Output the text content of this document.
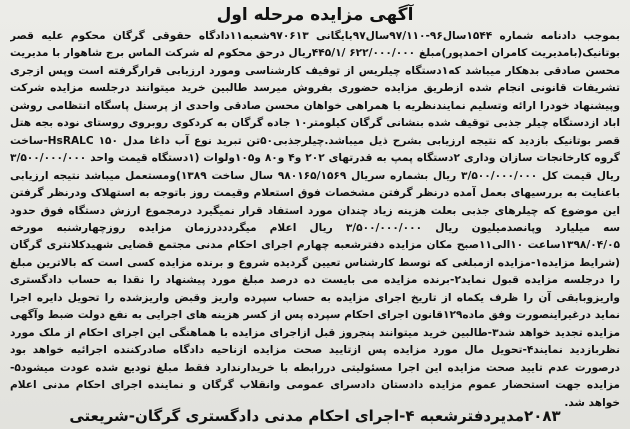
آگهی مزایده مرحله اول

بموجب دادنامه شماره ۱۵۴۴سال۹۶-۹۷/۱۱۰سال۹۷بایگانی ۹۷۰۶۱۳شعبه۱۱دادگاه حقوقی گرگان محکوم علیه قصر بوتانیک(بامدیریت کامران احمدپور)مبلغ ۶۲۲/۰۰۰/۰۰۰ /۴۴۵/۱ریال درحق محکوم له شرکت الماس برج شاهوار با مدیریت محسن صادقی بدهکار میباشد که۱دستگاه چیلریس از توقیف کارشناسی ومورد ارزیابی قرارگرفته است وپس ازجری تشریفات قانونی انجام شده ازطریق مزایده حضوری بفروش میرسد طالبین خرید میتوانند درجلسه مزایده شرکت وپیشنهاد خودرا ارائه وتسلیم نمایندنظریه با همراهی خواهان محسن صادقی واحدی از پرسنل پاسگاه انتظامی روشن اباد ازدستگاه چیلر جذبی توقیف شده بنشانی گرگان کیلومتر۱۰ جاده گرگان به کردکوی روبروی روستای نوده بجه هتل قصر بوتانیک بازدید که نتیجه ارزیابی بشرح ذیل میباشد.چیلرجذبی۵۰تن تبرید نوع آب داغا مدل HsRALC ۱۵۰-ساخت گروه کارخانجات سازان وداری ۲دستگاه پمپ به قدرتهای ۲۰۲ و۴ و۸۰ و۱۰۵ولوات (۱دستگاه قیمت واحد ۳/۵۰۰/۰۰۰/۰۰۰ ریال قیمت کل ۳/۵۰۰/۰۰۰/۰۰۰ ریال بشماره سریال ۹۸۰۱۶۵/۱۵۶۹ سال ساخت ۱۳۸۹)ومستعمل میباشد نتیجه ارزیابی باعنایت به بررسیهای بعمل آمده درنظر گرفتن مشخصات فوق استعلام وقیمت روز باتوجه به استهلاک ودرنظر گرفتن این موضوع که چیلرهای جذبی بعلت هزینه زیاد چندان مورد استفاد قرار نمیگیرد درمجموع ارزش دستگاه فوق حدود سه میلیارد وپانصدمیلیون ریال ۳/۵۰۰/۰۰۰/۰۰۰ ریال اعلام میگردددرزمان مزایده روزچهارشنبه مورخه ۱۳۹۸/۰۴/۰۵ساعت ۱۰الی۱۱صبح مکان مزایده دفترشعبه چهارم اجرای احکام مدنی مجتمع قضایی شهیدکلانتری گرگان (شرایط مزایده۱-مزایده ازمبلغی که توسط کارشناس تعیین گردیده شروع و برنده مزایده کسی است که بالاترین مبلغ را درجلسه مزایده قبول نماید۲-برنده مزایده می بایست ده درصد مبلغ مورد پیشنهاد را نقدا به حساب دادگستری واریزوبابقی آن را ظرف یکماه از تاریخ اجرای مزایده به حساب سپرده واریز وقبض واریزشده را تحویل دایره اجرا نماید درغیراینصورت وفق ماده۱۲۹قانون اجرای احکام سپرده پس از کسر هزینه های اجرایی به نفع دولت ضبط وآگهی مزایده تجدید خواهد شد۳-طالبین خرید میتوانند پنجروز قبل ازاجرای مزایده با هماهنگی این اجرای احکام از ملک مورد نظربازدید نمایند۴-تحویل مال مورد مزایده پس ازتایید صحت مزایده ازناحیه دادگاه صادرکننده اجرائیه خواهد بود درصورت عدم تایید صحت مزایده این اجرا مسئولیتی دررابطه با خریدارندارد فقط مبلغ تودیع شده عودت میشود۵-مزایده جهت استحضار عموم مزایده دادستان دادسرای عمومی وانقلاب گرگان و نماینده اجرای احکام مدنی اعلام خواهد شد.

۲۰۸۳مدیردفترشعبه ۴-اجرای احکام مدنی دادگستری گرگان-شریعتی
